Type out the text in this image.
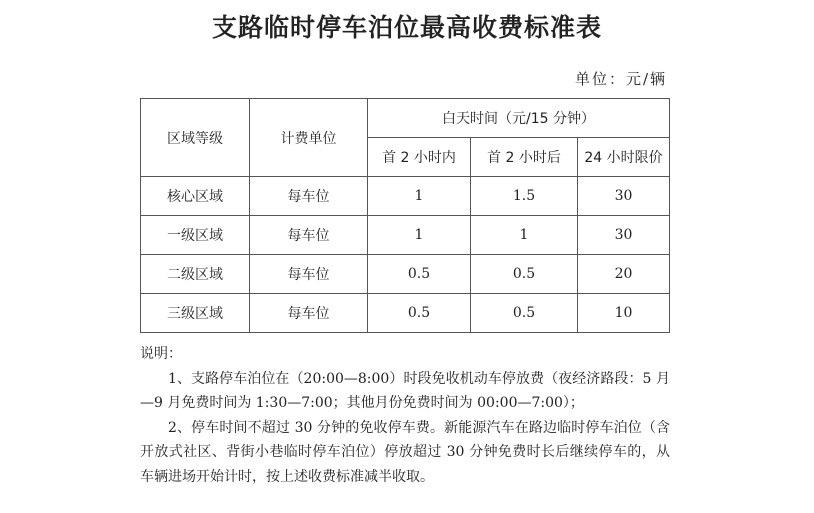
支路临时停车泊位最高收费标准表
单位：元/辆
区域等级	计费单位	白天时间（元/15 分钟）		
		首 2 小时内	首 2 小时后	24 小时限价
核心区域	每车位	1	1.5	30
一级区域	每车位	1	1	30
二级区域	每车位	0.5	0.5	20
三级区域	每车位	0.5	0.5	10

说明：

1、支路停车泊位在（20:00—8:00）时段免收机动车停放费（夜经济路段：5 月—9 月免费时间为 1:30—7:00；其他月份免费时间为 00:00—7:00）；

2、停车时间不超过 30 分钟的免收停车费。新能源汽车在路边临时停车泊位（含开放式社区、背街小巷临时停车泊位）停放超过 30 分钟免费时长后继续停车的，从车辆进场开始计时，按上述收费标准减半收取。
